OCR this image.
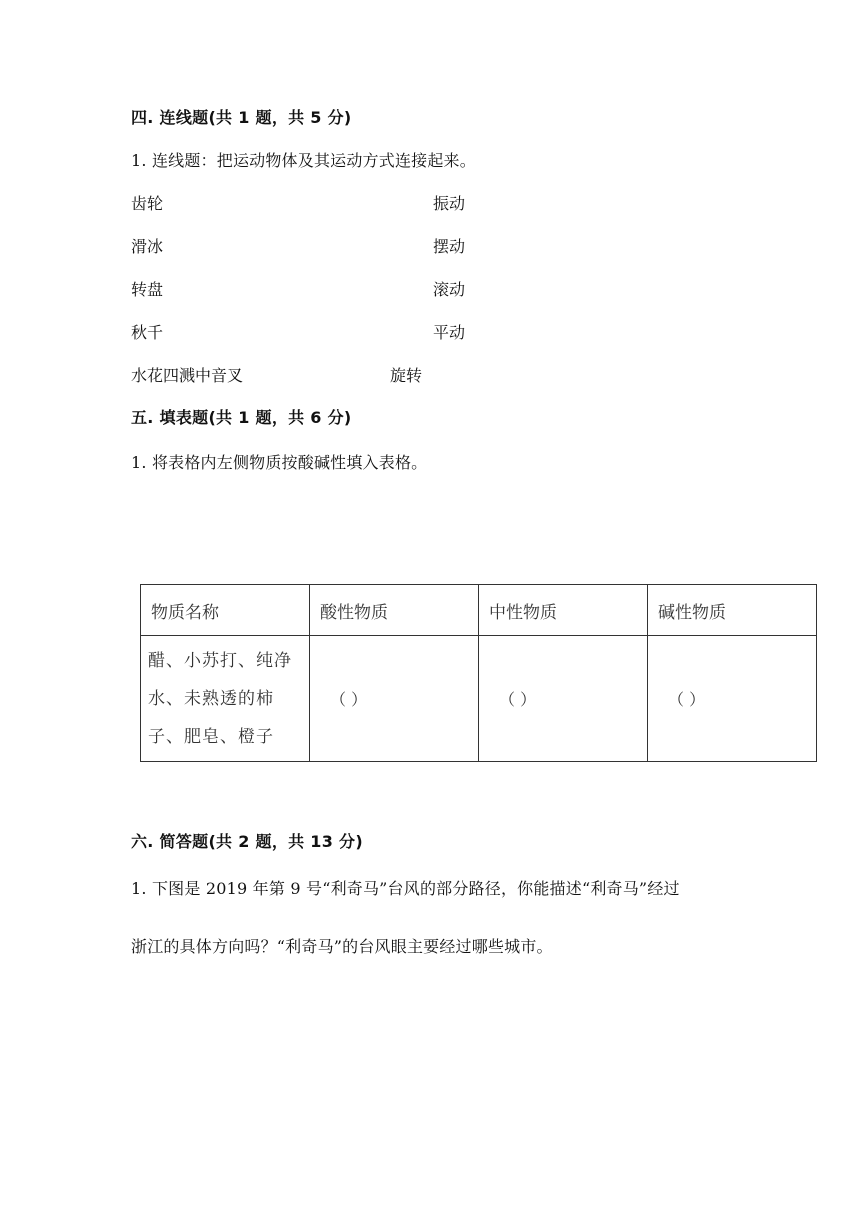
四. 连线题(共 1 题，共 5 分)
1. 连线题：把运动物体及其运动方式连接起来。
齿轮
滑冰
转盘
秋千
水花四溅中音叉
振动
摆动
滚动
平动
旋转
五. 填表题(共 1 题，共 6 分)
1. 将表格内左侧物质按酸碱性填入表格。
物质名称	酸性物质	中性物质	碱性物质

醋、小苏打、纯净
水、未熟透的柿
子、肥皂、橙子	（ ）	（ ）	（ ）
六. 简答题(共 2 题，共 13 分)
1. 下图是 2019 年第 9 号“利奇马”台风的部分路径，你能描述“利奇马”经过
浙江的具体方向吗？“利奇马”的台风眼主要经过哪些城市。
